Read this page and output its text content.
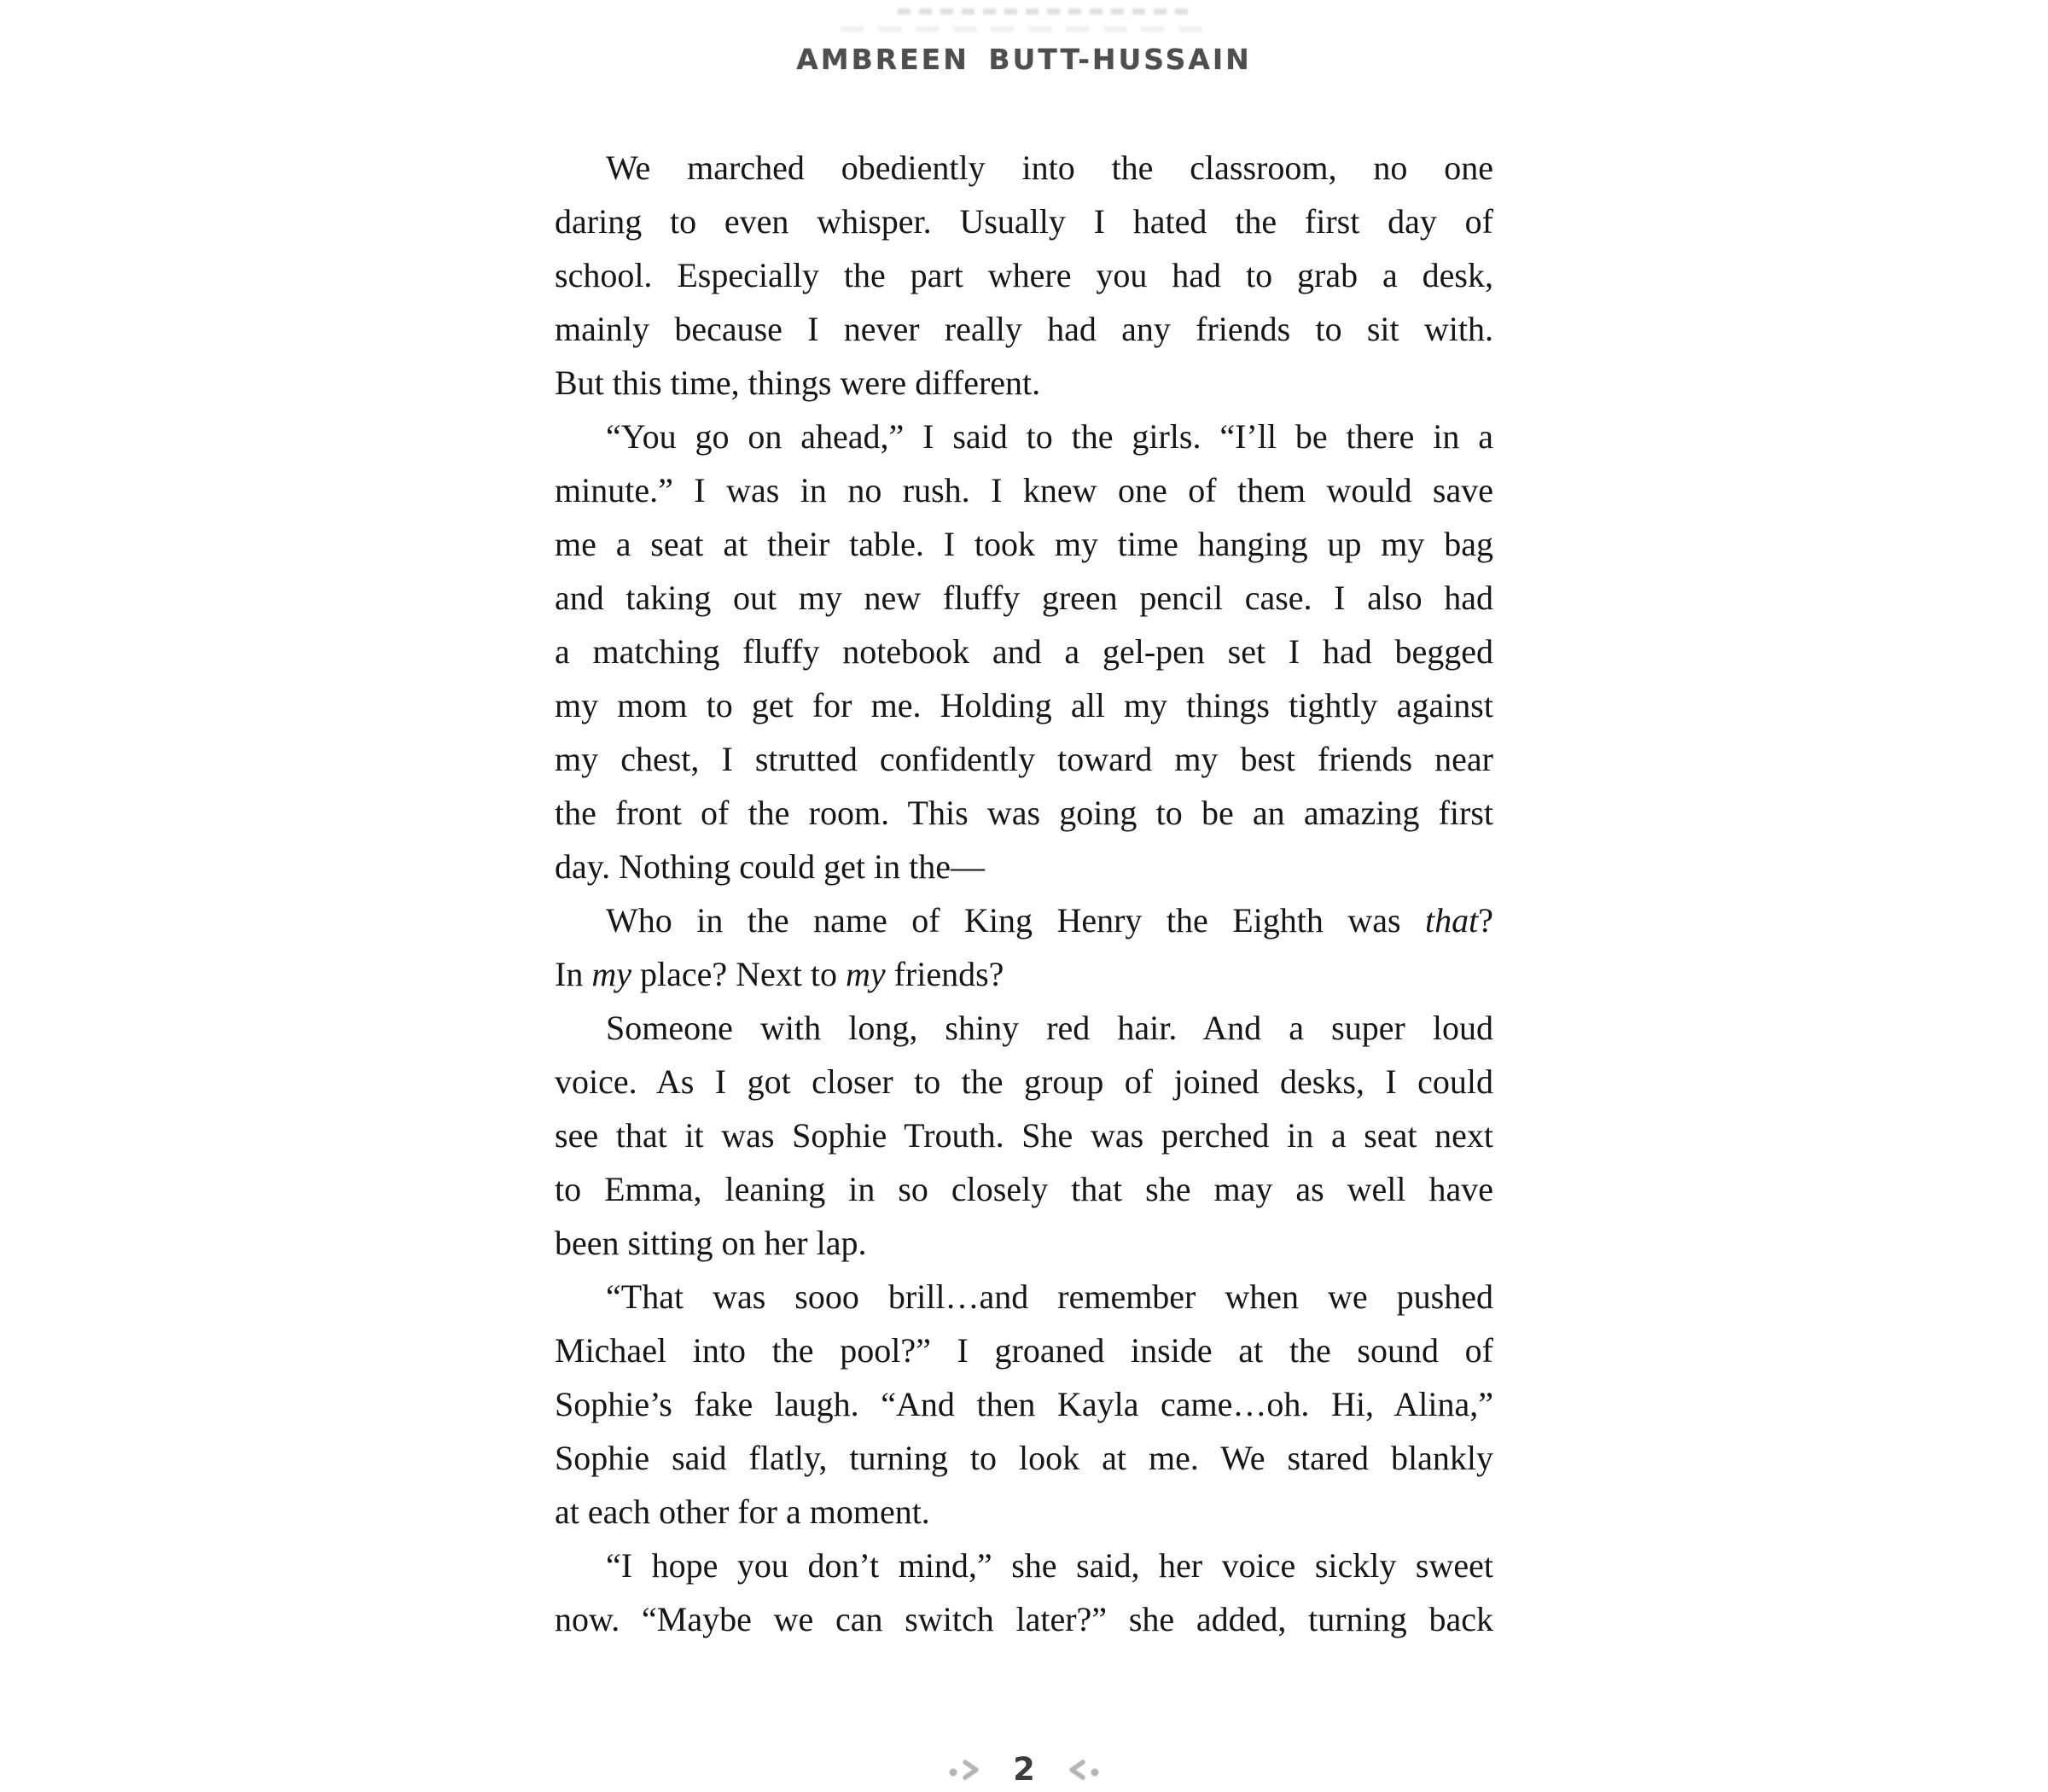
AMBREEN BUTT-HUSSAIN
We marched obediently into the classroom, no one
daring to even whisper. Usually I hated the first day of
school. Especially the part where you had to grab a desk,
mainly because I never really had any friends to sit with.
But this time, things were different.
“You go on ahead,” I said to the girls. “I’ll be there in a
minute.” I was in no rush. I knew one of them would save
me a seat at their table. I took my time hanging up my bag
and taking out my new fluffy green pencil case. I also had
a matching fluffy notebook and a gel-pen set I had begged
my mom to get for me. Holding all my things tightly against
my chest, I strutted confidently toward my best friends near
the front of the room. This was going to be an amazing first
day. Nothing could get in the—
Who in the name of King Henry the Eighth was that?
In my place? Next to my friends?
Someone with long, shiny red hair. And a super loud
voice. As I got closer to the group of joined desks, I could
see that it was Sophie Trouth. She was perched in a seat next
to Emma, leaning in so closely that she may as well have
been sitting on her lap.
“That was sooo brill…and remember when we pushed
Michael into the pool?” I groaned inside at the sound of
Sophie’s fake laugh. “And then Kayla came…oh. Hi, Alina,”
Sophie said flatly, turning to look at me. We stared blankly
at each other for a moment.
“I hope you don’t mind,” she said, her voice sickly sweet
now. “Maybe we can switch later?” she added, turning back
2
